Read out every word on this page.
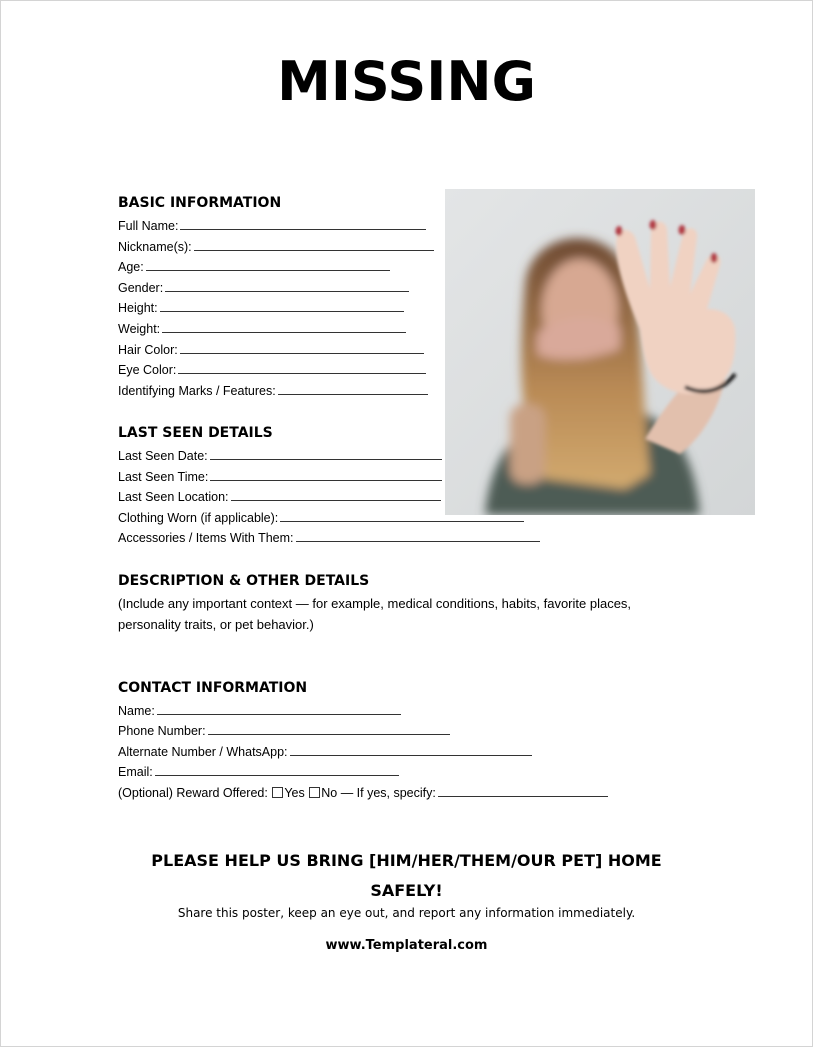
MISSING
BASIC INFORMATION
Full Name:
Nickname(s):
Age:
Gender:
Height:
Weight:
Hair Color:
Eye Color:
Identifying Marks / Features:
LAST SEEN DETAILS
Last Seen Date:
Last Seen Time:
Last Seen Location:
Clothing Worn (if applicable):
Accessories / Items With Them:
DESCRIPTION & OTHER DETAILS
(Include any important context — for example, medical conditions, habits, favorite places, personality traits, or pet behavior.)
CONTACT INFORMATION
Name:
Phone Number:
Alternate Number / WhatsApp:
Email:
(Optional) Reward Offered: Yes No — If yes, specify:
PLEASE HELP US BRING [HIM/HER/THEM/OUR PET] HOME SAFELY!
Share this poster, keep an eye out, and report any information immediately.
www.Templateral.com
